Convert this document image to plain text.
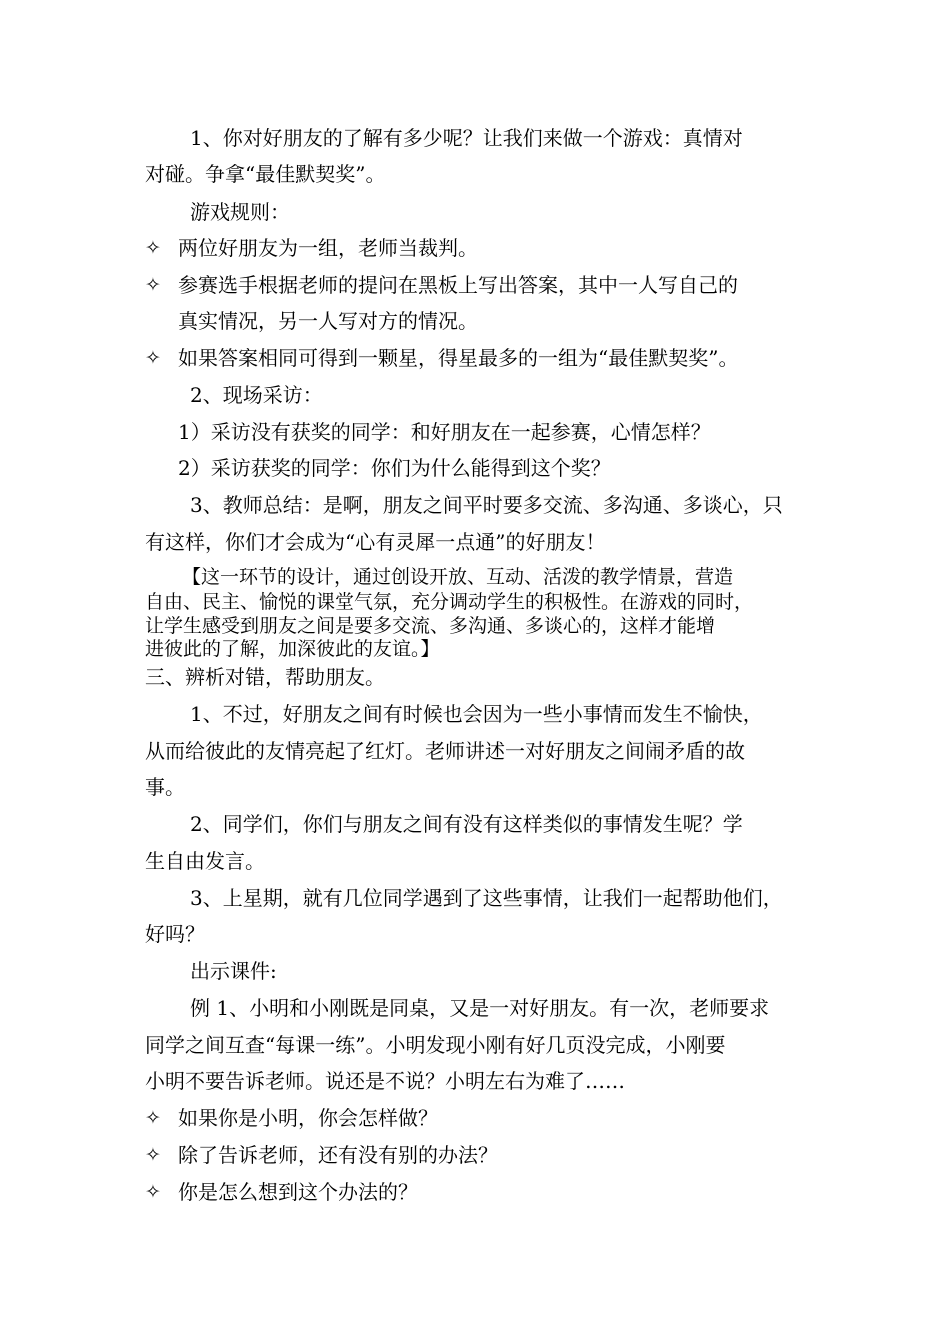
1、你对好朋友的了解有多少呢？让我们来做一个游戏：真情对
对碰。争拿“最佳默契奖”。
游戏规则：
✧ 两位好朋友为一组，老师当裁判。
✧ 参赛选手根据老师的提问在黑板上写出答案，其中一人写自己的
真实情况，另一人写对方的情况。
✧ 如果答案相同可得到一颗星，得星最多的一组为“最佳默契奖”。
2、现场采访：
1）采访没有获奖的同学：和好朋友在一起参赛，心情怎样？
2）采访获奖的同学：你们为什么能得到这个奖？
3、教师总结：是啊，朋友之间平时要多交流、多沟通、多谈心，只
有这样，你们才会成为“心有灵犀一点通”的好朋友！
【这一环节的设计，通过创设开放、互动、活泼的教学情景，营造
自由、民主、愉悦的课堂气氛，充分调动学生的积极性。在游戏的同时，
让学生感受到朋友之间是要多交流、多沟通、多谈心的，这样才能增
进彼此的了解，加深彼此的友谊。】
三、辨析对错，帮助朋友。
1、不过，好朋友之间有时候也会因为一些小事情而发生不愉快，
从而给彼此的友情亮起了红灯。老师讲述一对好朋友之间闹矛盾的故
事。
2、同学们，你们与朋友之间有没有这样类似的事情发生呢？学
生自由发言。
3、上星期，就有几位同学遇到了这些事情，让我们一起帮助他们，
好吗？
出示课件:
例 1、小明和小刚既是同桌，又是一对好朋友。有一次，老师要求
同学之间互查“每课一练”。小明发现小刚有好几页没完成，小刚要
小明不要告诉老师。说还是不说？小明左右为难了……
✧ 如果你是小明，你会怎样做？
✧ 除了告诉老师，还有没有别的办法？
✧ 你是怎么想到这个办法的？
